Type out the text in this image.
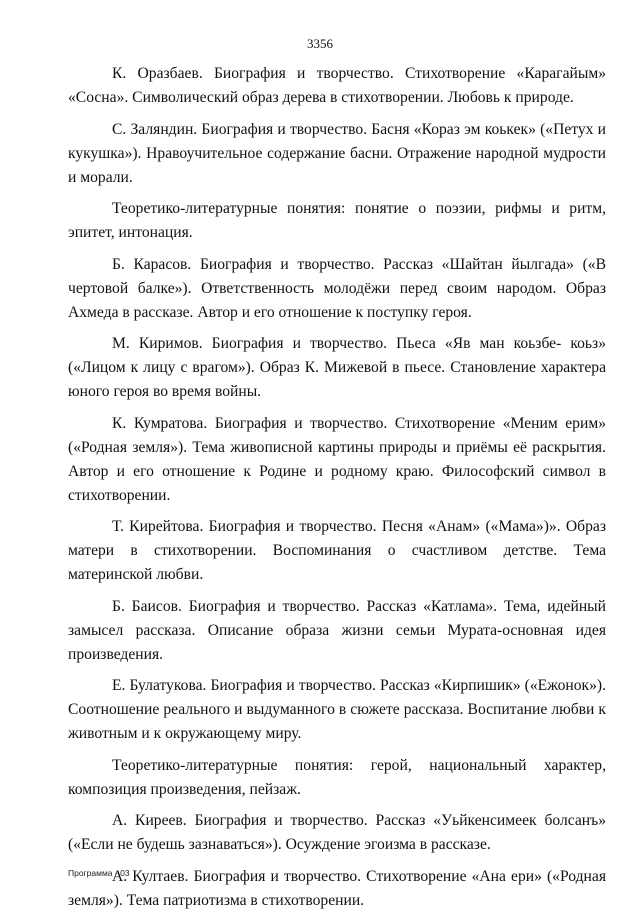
3356

К. Оразбаев. Биография и творчество. Стихотворение «Карагайым» «Сосна». Символический образ дерева в стихотворении. Любовь к природе.

С. Заляндин. Биография и творчество. Басня «Кораз эм коькек» («Петух и кукушка»). Нравоучительное содержание басни. Отражение народной мудрости и морали.

Теоретико-литературные понятия: понятие о поэзии, рифмы и ритм, эпитет, интонация.

Б. Карасов. Биография и творчество. Рассказ «Шайтан йылгада» («В чертовой балке»). Ответственность молодёжи перед своим народом. Образ Ахмеда в рассказе. Автор и его отношение к поступку героя.

М. Киримов. Биография и творчество. Пьеса «Яв ман коьзбе- коьз» («Лицом к лицу с врагом»). Образ К. Мижевой в пьесе. Становление характера юного героя во время войны.

К. Кумратова. Биография и творчество. Стихотворение «Меним ерим» («Родная земля»). Тема живописной картины природы и приёмы её раскрытия. Автор и его отношение к Родине и родному краю. Философский символ в стихотворении.

Т. Кирейтова. Биография и творчество. Песня «Анам» («Мама»)». Образ матери в стихотворении. Воспоминания о счастливом детстве. Тема материнской любви.

Б. Баисов. Биография и творчество. Рассказ «Катлама». Тема, идейный замысел рассказа. Описание образа жизни семьи Мурата-основная идея произведения.

Е. Булатукова. Биография и творчество. Рассказ «Кирпишик» («Ежонок»). Соотношение реального и выдуманного в сюжете рассказа. Воспитание любви к животным и к окружающему миру.

Теоретико-литературные понятия: герой, национальный характер, композиция произведения, пейзаж.

А. Киреев. Биография и творчество. Рассказ «Уьйкенсимеек болсанъ» («Если не будешь зазнаваться»). Осуждение эгоизма в рассказе.

А. Култаев. Биография и творчество. Стихотворение «Ана ери» («Родная земля»). Тема патриотизма в стихотворении.

Программа - 03
